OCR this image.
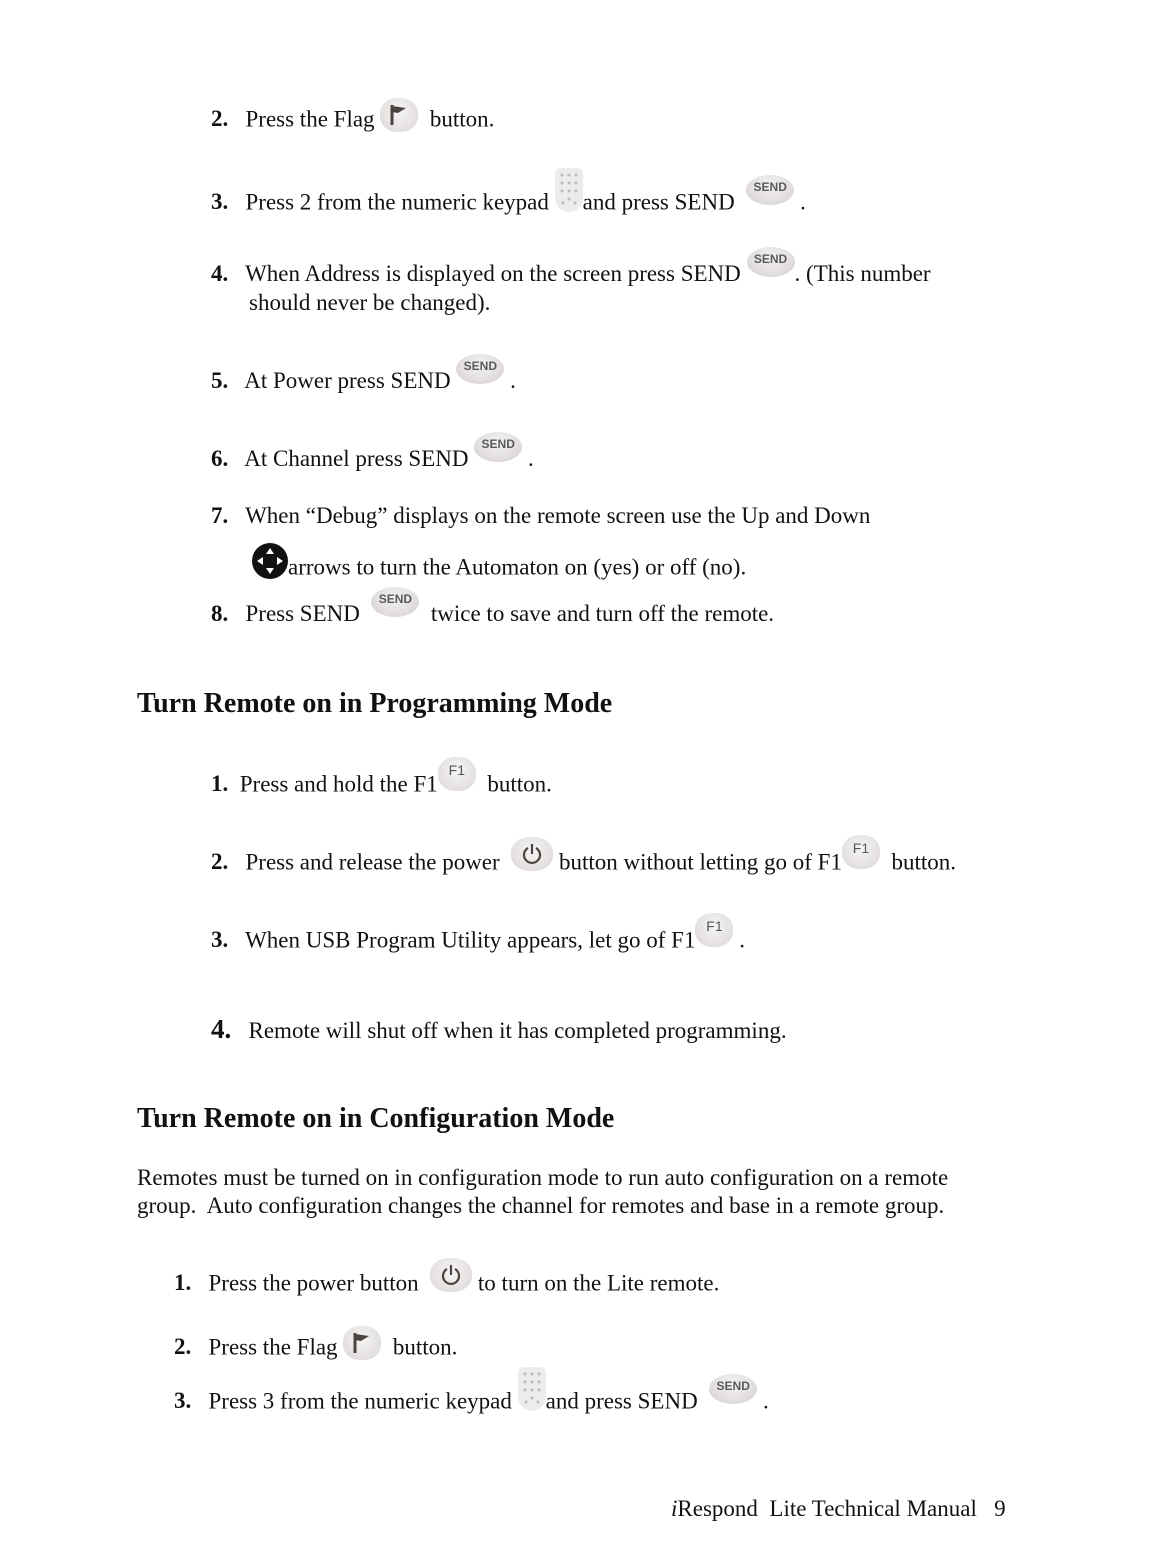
2. Press the Flag button.
3. Press 2 from the numeric keypad and press SEND  SEND .
4. When Address is displayed on the screen press SEND SEND. (This number
should never be changed).
5. At Power press SEND SEND .
6. At Channel press SEND SEND .
7. When “Debug” displays on the remote screen use the Up and Down
arrows to turn the Automaton on (yes) or off (no).
8. Press SEND  SEND  twice to save and turn off the remote.
Turn Remote on in Programming Mode
1. Press and hold the F1F1  button.
2. Press and release the power	button without letting go of F1F1  button.
3. When USB Program Utility appears, let go of F1F1 .
4. Remote will shut off when it has completed programming.
Turn Remote on in Configuration Mode
Remotes must be turned on in configuration mode to run auto configuration on a remote
group.  Auto configuration changes the channel for remotes and base in a remote group.
1. Press the power button	to turn on the Lite remote.
2. Press the Flag button.
3. Press 3 from the numeric keypad and press SEND  SEND .
iRespond Lite Technical Manual 9
